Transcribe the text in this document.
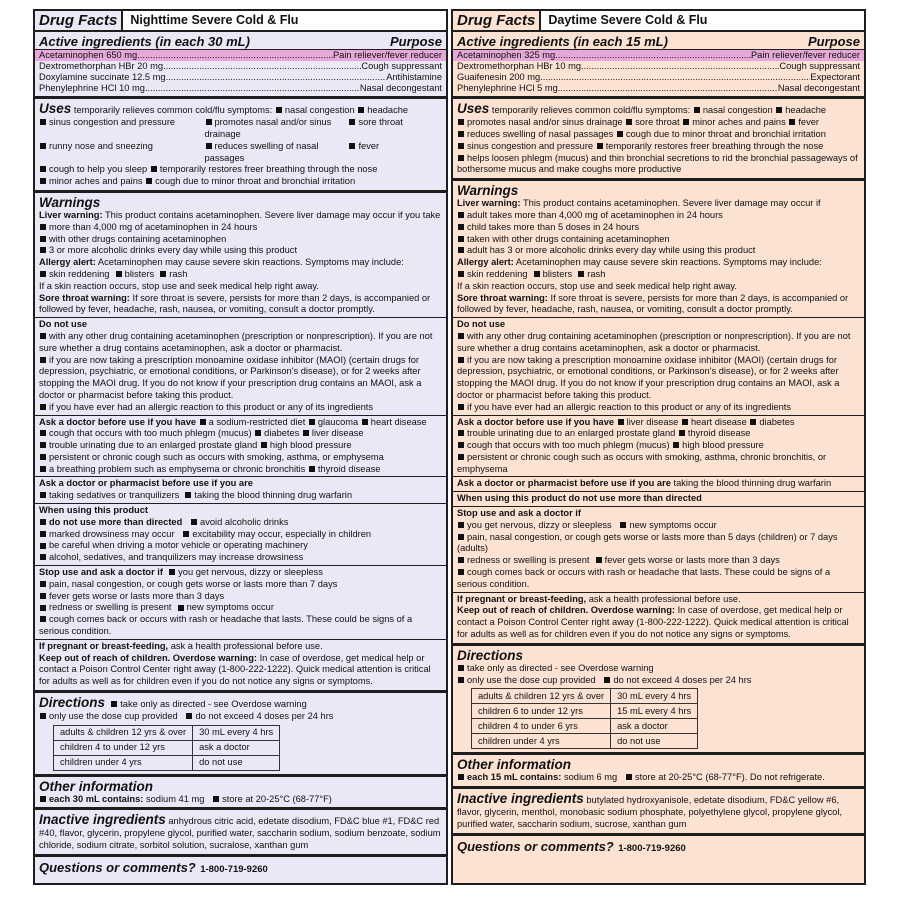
Drug Facts	Nighttime Severe Cold & Flu
Active ingredients (in each 30 mL)	Purpose
Acetaminophen 650 mg .....	Pain reliever/fever reducer
Dextromethorphan HBr 20 mg .....	Cough suppressant
Doxylamine succinate 12.5 mg .....	Antihistamine
Phenylephrine HCl 10 mg .....	Nasal decongestant
Uses temporarily relieves common cold/flu symptoms: nasal congestion headache
sinus congestion and pressure	promotes nasal and/or sinus drainage
sore throat
runny nose and sneezing	reduces swelling of nasal passages
fever
cough to help you sleep temporarily restores freer breathing through the nose
minor aches and pains cough due to minor throat and bronchial irritation
Warnings
Liver warning: This product contains acetaminophen. Severe liver damage may occur if you take
more than 4,000 mg of acetaminophen in 24 hours
with other drugs containing acetaminophen
3 or more alcoholic drinks every day while using this product
Allergy alert: Acetaminophen may cause severe skin reactions. Symptoms may include:
skin reddening blisters rash
If a skin reaction occurs, stop use and seek medical help right away.
Sore throat warning: If sore throat is severe, persists for more than 2 days, is accompanied or followed by fever, headache, rash, nausea, or vomiting, consult a doctor promptly.
Do not use
with any other drug containing acetaminophen (prescription or nonprescription). If you are not sure whether a drug contains acetaminophen, ask a doctor or pharmacist.
if you are now taking a prescription monoamine oxidase inhibitor (MAOI) (certain drugs for depression, psychiatric, or emotional conditions, or Parkinson's disease), or for 2 weeks after stopping the MAOI drug. If you do not know if your prescription drug contains an MAOI, ask a doctor or pharmacist before taking this product.
if you have ever had an allergic reaction to this product or any of its ingredients
Ask a doctor before use if you have a sodium-restricted diet glaucoma heart disease
cough that occurs with too much phlegm (mucus) diabetes liver disease
trouble urinating due to an enlarged prostate gland high blood pressure
persistent or chronic cough such as occurs with smoking, asthma, or emphysema
a breathing problem such as emphysema or chronic bronchitis thyroid disease
Ask a doctor or pharmacist before use if you are
taking sedatives or tranquilizers taking the blood thinning drug warfarin
When using this product
do not use more than directed avoid alcoholic drinks
marked drowsiness may occur excitability may occur, especially in children
be careful when driving a motor vehicle or operating machinery
alcohol, sedatives, and tranquilizers may increase drowsiness
Stop use and ask a doctor if you get nervous, dizzy or sleepless
pain, nasal congestion, or cough gets worse or lasts more than 7 days
fever gets worse or lasts more than 3 days
redness or swelling is present new symptoms occur
cough comes back or occurs with rash or headache that lasts. These could be signs of a serious condition.
If pregnant or breast-feeding, ask a health professional before use.
Keep out of reach of children. Overdose warning: In case of overdose, get medical help or contact a Poison Control Center right away (1-800-222-1222). Quick medical attention is critical for adults as well as for children even if you do not notice any signs or symptoms.
Directions take only as directed - see Overdose warning
only use the dose cup provided do not exceed 4 doses per 24 hrs
adults & children 12 yrs & over	30 mL every 4 hrs
children 4 to under 12 yrs	ask a doctor
children under 4 yrs	do not use
Other information
each 30 mL contains: sodium 41 mg store at 20-25°C (68-77°F)
Inactive ingredients anhydrous citric acid, edetate disodium, FD&C blue #1, FD&C red #40, flavor, glycerin, propylene glycol, purified water, saccharin sodium, sodium benzoate, sodium chloride, sodium citrate, sorbitol solution, sucralose, xanthan gum
Questions or comments? 1-800-719-9260
Drug Facts	Daytime Severe Cold & Flu
Active ingredients (in each 15 mL)	Purpose
Acetaminophen 325 mg .....	Pain reliever/fever reducer
Dextromethorphan HBr 10 mg .....	Cough suppressant
Guaifenesin 200 mg .....	Expectorant
Phenylephrine HCl 5 mg .....	Nasal decongestant
Uses temporarily relieves common cold/flu symptoms: nasal congestion headache
promotes nasal and/or sinus drainage sore throat minor aches and pains fever
reduces swelling of nasal passages cough due to minor throat and bronchial irritation
sinus congestion and pressure temporarily restores freer breathing through the nose
helps loosen phlegm (mucus) and thin bronchial secretions to rid the bronchial passageways of bothersome mucus and make coughs more productive
Warnings
Liver warning: This product contains acetaminophen. Severe liver damage may occur if
adult takes more than 4,000 mg of acetaminophen in 24 hours
child takes more than 5 doses in 24 hours
taken with other drugs containing acetaminophen
adult has 3 or more alcoholic drinks every day while using this product
Allergy alert: Acetaminophen may cause severe skin reactions. Symptoms may include:
skin reddening blisters rash
If a skin reaction occurs, stop use and seek medical help right away.
Sore throat warning: If sore throat is severe, persists for more than 2 days, is accompanied or followed by fever, headache, rash, nausea, or vomiting, consult a doctor promptly.
Do not use
with any other drug containing acetaminophen (prescription or nonprescription). If you are not sure whether a drug contains acetaminophen, ask a doctor or pharmacist.
if you are now taking a prescription monoamine oxidase inhibitor (MAOI) (certain drugs for depression, psychiatric, or emotional conditions, or Parkinson's disease), or for 2 weeks after stopping the MAOI drug. If you do not know if your prescription drug contains an MAOI, ask a doctor or pharmacist before taking this product.
if you have ever had an allergic reaction to this product or any of its ingredients
Ask a doctor before use if you have liver disease heart disease diabetes
trouble urinating due to an enlarged prostate gland thyroid disease
cough that occurs with too much phlegm (mucus) high blood pressure
persistent or chronic cough such as occurs with smoking, asthma, chronic bronchitis, or emphysema
Ask a doctor or pharmacist before use if you are taking the blood thinning drug warfarin
When using this product do not use more than directed
Stop use and ask a doctor if
you get nervous, dizzy or sleepless new symptoms occur
pain, nasal congestion, or cough gets worse or lasts more than 5 days (children) or 7 days (adults)
redness or swelling is present fever gets worse or lasts more than 3 days
cough comes back or occurs with rash or headache that lasts. These could be signs of a serious condition.
If pregnant or breast-feeding, ask a health professional before use.
Keep out of reach of children. Overdose warning: In case of overdose, get medical help or contact a Poison Control Center right away (1-800-222-1222). Quick medical attention is critical for adults as well as for children even if you do not notice any signs or symptoms.
Directions
take only as directed - see Overdose warning
only use the dose cup provided do not exceed 4 doses per 24 hrs
adults & children 12 yrs & over	30 mL every 4 hrs
children 6 to under 12 yrs	15 mL every 4 hrs
children 4 to under 6 yrs	ask a doctor
children under 4 yrs	do not use
Other information
each 15 mL contains: sodium 6 mg store at 20-25°C (68-77°F). Do not refrigerate.
Inactive ingredients butylated hydroxyanisole, edetate disodium, FD&C yellow #6, flavor, glycerin, menthol, monobasic sodium phosphate, polyethylene glycol, propylene glycol, purified water, saccharin sodium, sucrose, xanthan gum
Questions or comments? 1-800-719-9260
